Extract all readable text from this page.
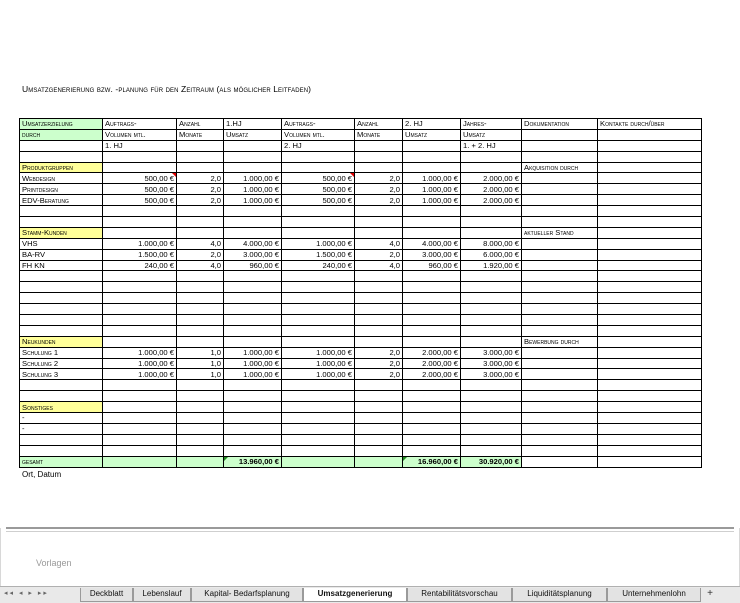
Umsatzgenerierung bzw. -planung für den Zeitraum (als möglicher Leitfaden)
Umsatzerzielung	Auftrags-	Anzahl	1.HJ	Auftrags-	Anzahl	2. HJ	Jahres-	Dokumentation	Kontakte durch/über
durch	Volumen mtl.	Monate	Umsatz	Volumen mtl.	Monate	Umsatz	Umsatz		
	1. HJ			2. HJ			1. + 2. HJ		

Produktgruppen								Akquisition durch	
Webdesign	500,00 €	2,0	1.000,00 €	500,00 €	2,0	1.000,00 €	2.000,00 €		
Printdesign	500,00 €	2,0	1.000,00 €	500,00 €	2,0	1.000,00 €	2.000,00 €		
EDV-Beratung	500,00 €	2,0	1.000,00 €	500,00 €	2,0	1.000,00 €	2.000,00 €		

Stamm-Kunden								aktueller Stand	
VHS	1.000,00 €	4,0	4.000,00 €	1.000,00 €	4,0	4.000,00 €	8.000,00 €		
BA-RV	1.500,00 €	2,0	3.000,00 €	1.500,00 €	2,0	3.000,00 €	6.000,00 €		
FH KN	240,00 €	4,0	960,00 €	240,00 €	4,0	960,00 €	1.920,00 €		

Neukunden								Bewerbung durch	
Schulung 1	1.000,00 €	1,0	1.000,00 €	1.000,00 €	2,0	2.000,00 €	3.000,00 €		
Schulung 2	1.000,00 €	1,0	1.000,00 €	1.000,00 €	2,0	2.000,00 €	3.000,00 €		
Schulung 3	1.000,00 €	1,0	1.000,00 €	1.000,00 €	2,0	2.000,00 €	3.000,00 €		

Sonstiges									
-									
-									

gesamt			13.960,00 €			16.960,00 €	30.920,00 €		
Ort, Datum
Vorlagen
◂◂ ◂ ▸ ▸▸	Deckblatt	Lebenslauf	Kapital- Bedarfsplanung	Umsatzgenerierung	Rentabilitätsvorschau	Liquiditätsplanung	Unternehmenlohn	+
